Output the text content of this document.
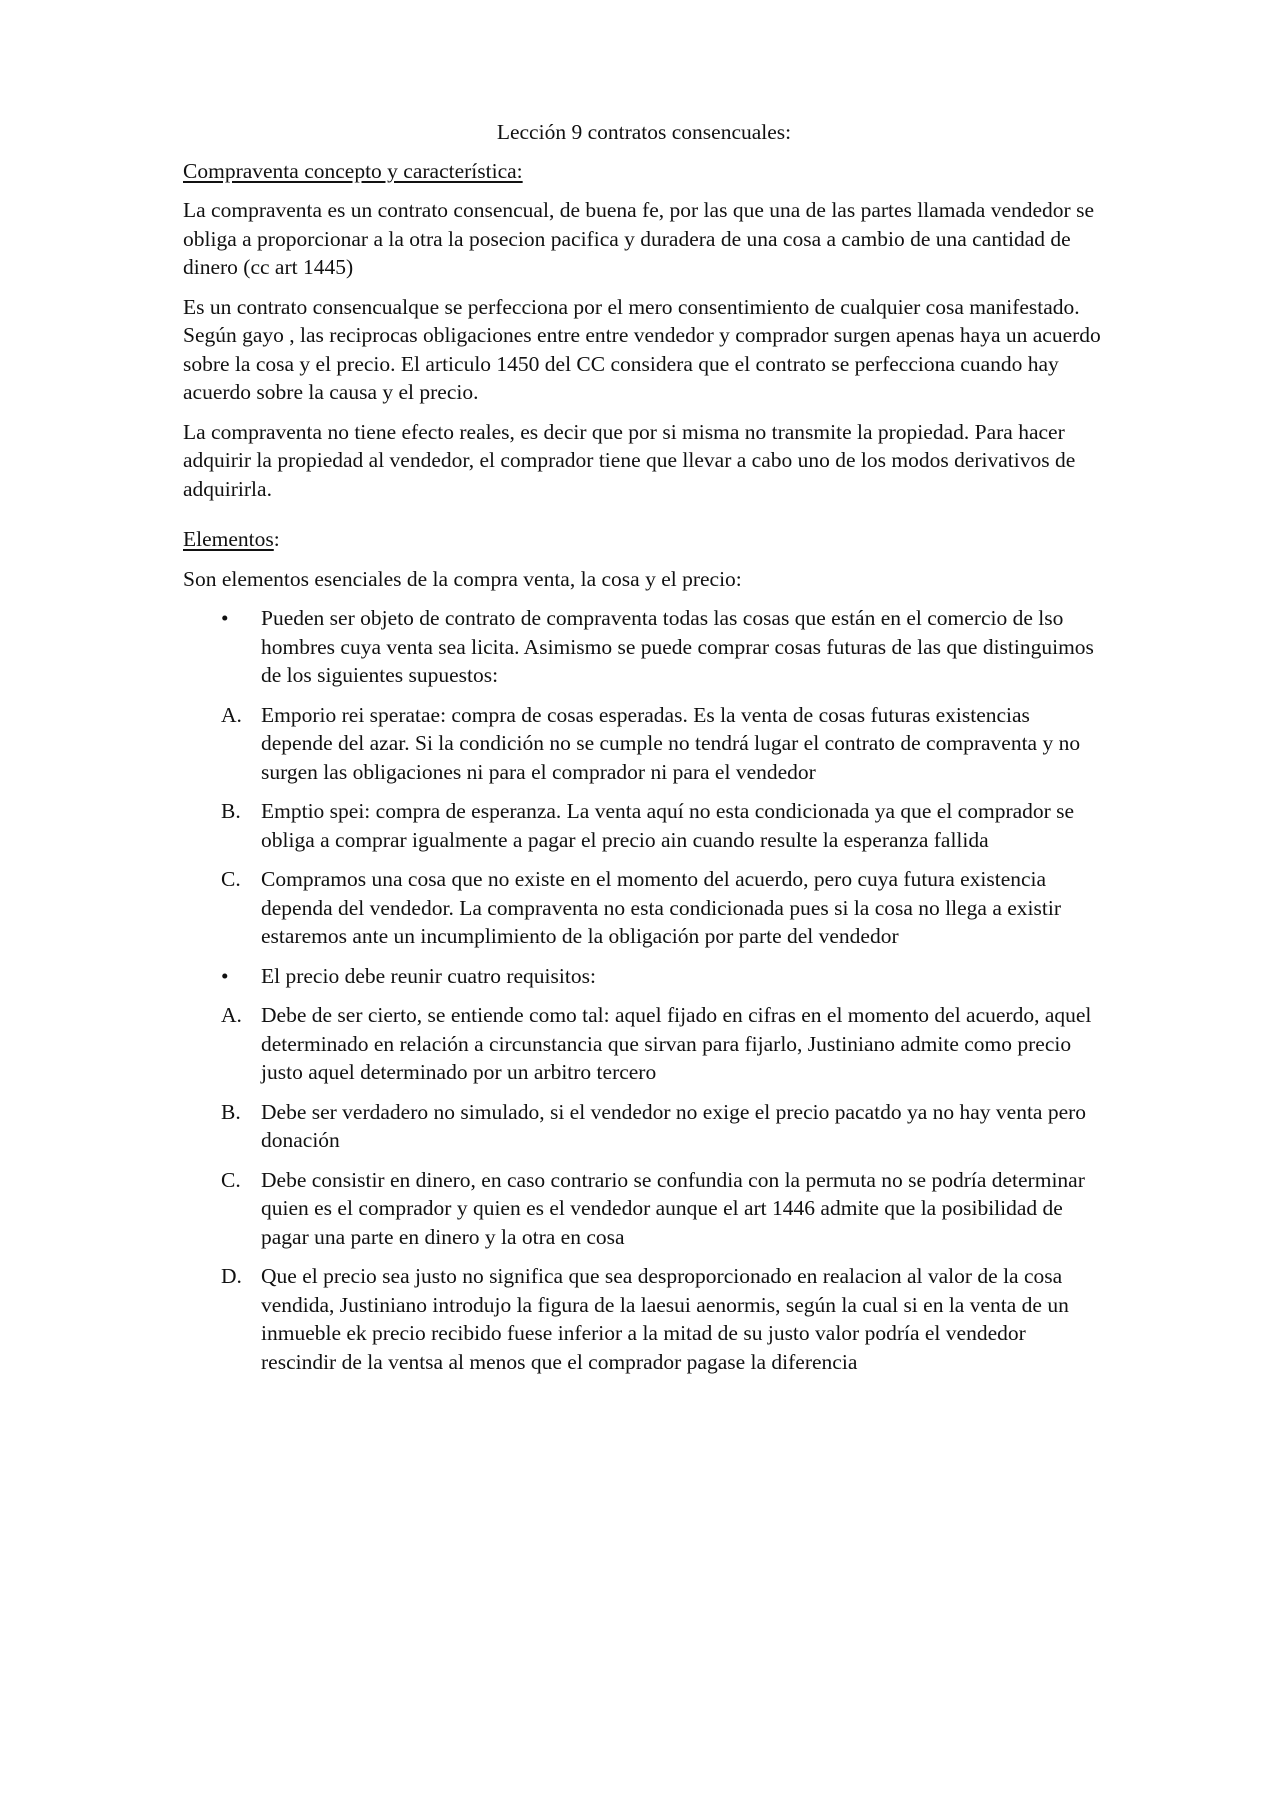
Lección 9 contratos consencuales:
Compraventa concepto y característica:

La compraventa es un contrato consencual, de buena fe, por las que una de las partes llamada vendedor se obliga a proporcionar a la otra la posecion pacifica y duradera de una cosa a cambio de una cantidad de dinero (cc art 1445)

Es un contrato consencualque se perfecciona por el mero consentimiento de cualquier cosa manifestado. Según gayo , las reciprocas obligaciones entre entre vendedor y comprador surgen apenas haya un acuerdo sobre la cosa y el precio. El articulo 1450 del CC considera que el contrato se perfecciona cuando hay acuerdo sobre la causa y el precio.

La compraventa no tiene efecto reales, es decir que por si misma no transmite la propiedad. Para hacer adquirir la propiedad al vendedor, el comprador tiene que llevar a cabo uno de los modos derivativos de adquirirla.

Elementos:

Son elementos esenciales de la compra venta, la cosa y el precio:

•	Pueden ser objeto de contrato de compraventa todas las cosas que están en el comercio de lso hombres cuya venta sea licita. Asimismo se puede comprar cosas futuras de las que distinguimos de los siguientes supuestos:
A. Emporio rei speratae: compra de cosas esperadas. Es la venta de cosas futuras existencias depende del azar. Si la condición no se cumple no tendrá lugar el contrato de compraventa y no surgen las obligaciones ni para el comprador ni para el vendedor
B. Emptio spei: compra de esperanza. La venta aquí no esta condicionada ya que el comprador se obliga a comprar igualmente a pagar el precio ain cuando resulte la esperanza fallida
C. Compramos una cosa que no existe en el momento del acuerdo, pero cuya futura existencia dependa del vendedor. La compraventa no esta condicionada pues si la cosa no llega a existir estaremos ante un incumplimiento de la obligación por parte del vendedor
•	El precio debe reunir cuatro requisitos:
A. Debe de ser cierto, se entiende como tal: aquel fijado en cifras en el momento del acuerdo, aquel determinado en relación a circunstancia que sirvan para fijarlo, Justiniano admite como precio justo aquel determinado por un arbitro tercero
B. Debe ser verdadero no simulado, si el vendedor no exige el precio pacatdo ya no hay venta pero donación
C. Debe consistir en dinero, en caso contrario se confundia con la permuta no se podría determinar quien es el comprador y quien es el vendedor aunque el art 1446 admite que la posibilidad de pagar una parte en dinero y la otra en cosa
D. Que el precio sea justo no significa que sea desproporcionado en realacion al valor de la cosa vendida, Justiniano introdujo la figura de la laesui aenormis, según la cual si en la venta de un inmueble ek precio recibido fuese inferior a la mitad de su justo valor podría el vendedor rescindir de la ventsa al menos que el comprador pagase la diferencia
